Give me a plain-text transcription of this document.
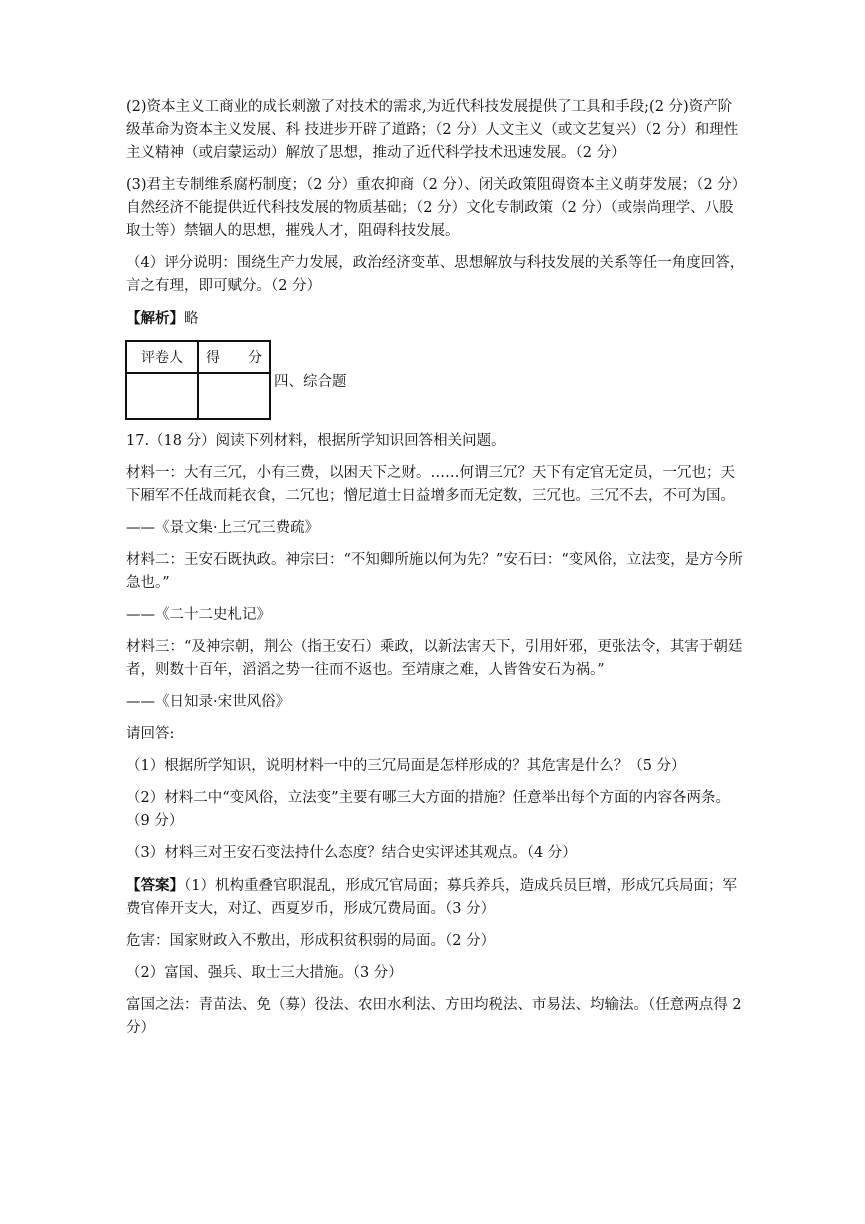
(2)资本主义工商业的成长刺激了对技术的需求,为近代科技发展提供了工具和手段;(2 分)资产阶级革命为资本主义发展、科 技进步开辟了道路；（2 分）人文主义（或文艺复兴）（2 分）和理性主义精神（或启蒙运动）解放了思想，推动了近代科学技术迅速发展。（2 分）

(3)君主专制维系腐朽制度；（2 分）重农抑商（2 分）、闭关政策阻碍资本主义萌芽发展；（2 分）自然经济不能提供近代科技发展的物质基础；（2 分）文化专制政策（2 分）（或崇尚理学、八股取士等）禁锢人的思想，摧残人才，阻碍科技发展。

（4）评分说明：围绕生产力发展，政治经济变革、思想解放与科技发展的关系等任一角度回答，言之有理，即可赋分。（2 分）

【解析】略

评卷人	得　　分

四、综合题

17.（18 分）阅读下列材料，根据所学知识回答相关问题。

材料一：大有三冗，小有三费，以困天下之财。……何谓三冗？天下有定官无定员，一冗也；天下厢军不任战而耗衣食，二冗也；憎尼道士日益增多而无定数，三冗也。三冗不去，不可为国。

——《景文集·上三冗三费疏》

材料二：王安石既执政。神宗曰：“不知卿所施以何为先？”安石曰：“变风俗，立法变，是方今所急也。”

——《二十二史札记》

材料三：“及神宗朝，荆公（指王安石）乘政，以新法害天下，引用奸邪，更张法令，其害于朝廷者，则数十百年，滔滔之势一往而不返也。至靖康之难，人皆咎安石为祸。”

——《日知录·宋世风俗》

请回答:

（1）根据所学知识，说明材料一中的三冗局面是怎样形成的？其危害是什么？（5 分）

（2）材料二中“变风俗，立法变”主要有哪三大方面的措施？任意举出每个方面的内容各两条。（9 分）

（3）材料三对王安石变法持什么态度？结合史实评述其观点。（4 分）

【答案】（1）机构重叠官职混乱，形成冗官局面；募兵养兵，造成兵员巨增，形成冗兵局面；军费官俸开支大，对辽、西夏岁币，形成冗费局面。（3 分）

危害：国家财政入不敷出，形成积贫积弱的局面。（2 分）

（2）富国、强兵、取士三大措施。（3 分）

富国之法：青苗法、免（募）役法、农田水利法、方田均税法、市易法、均输法。（任意两点得 2 分）
